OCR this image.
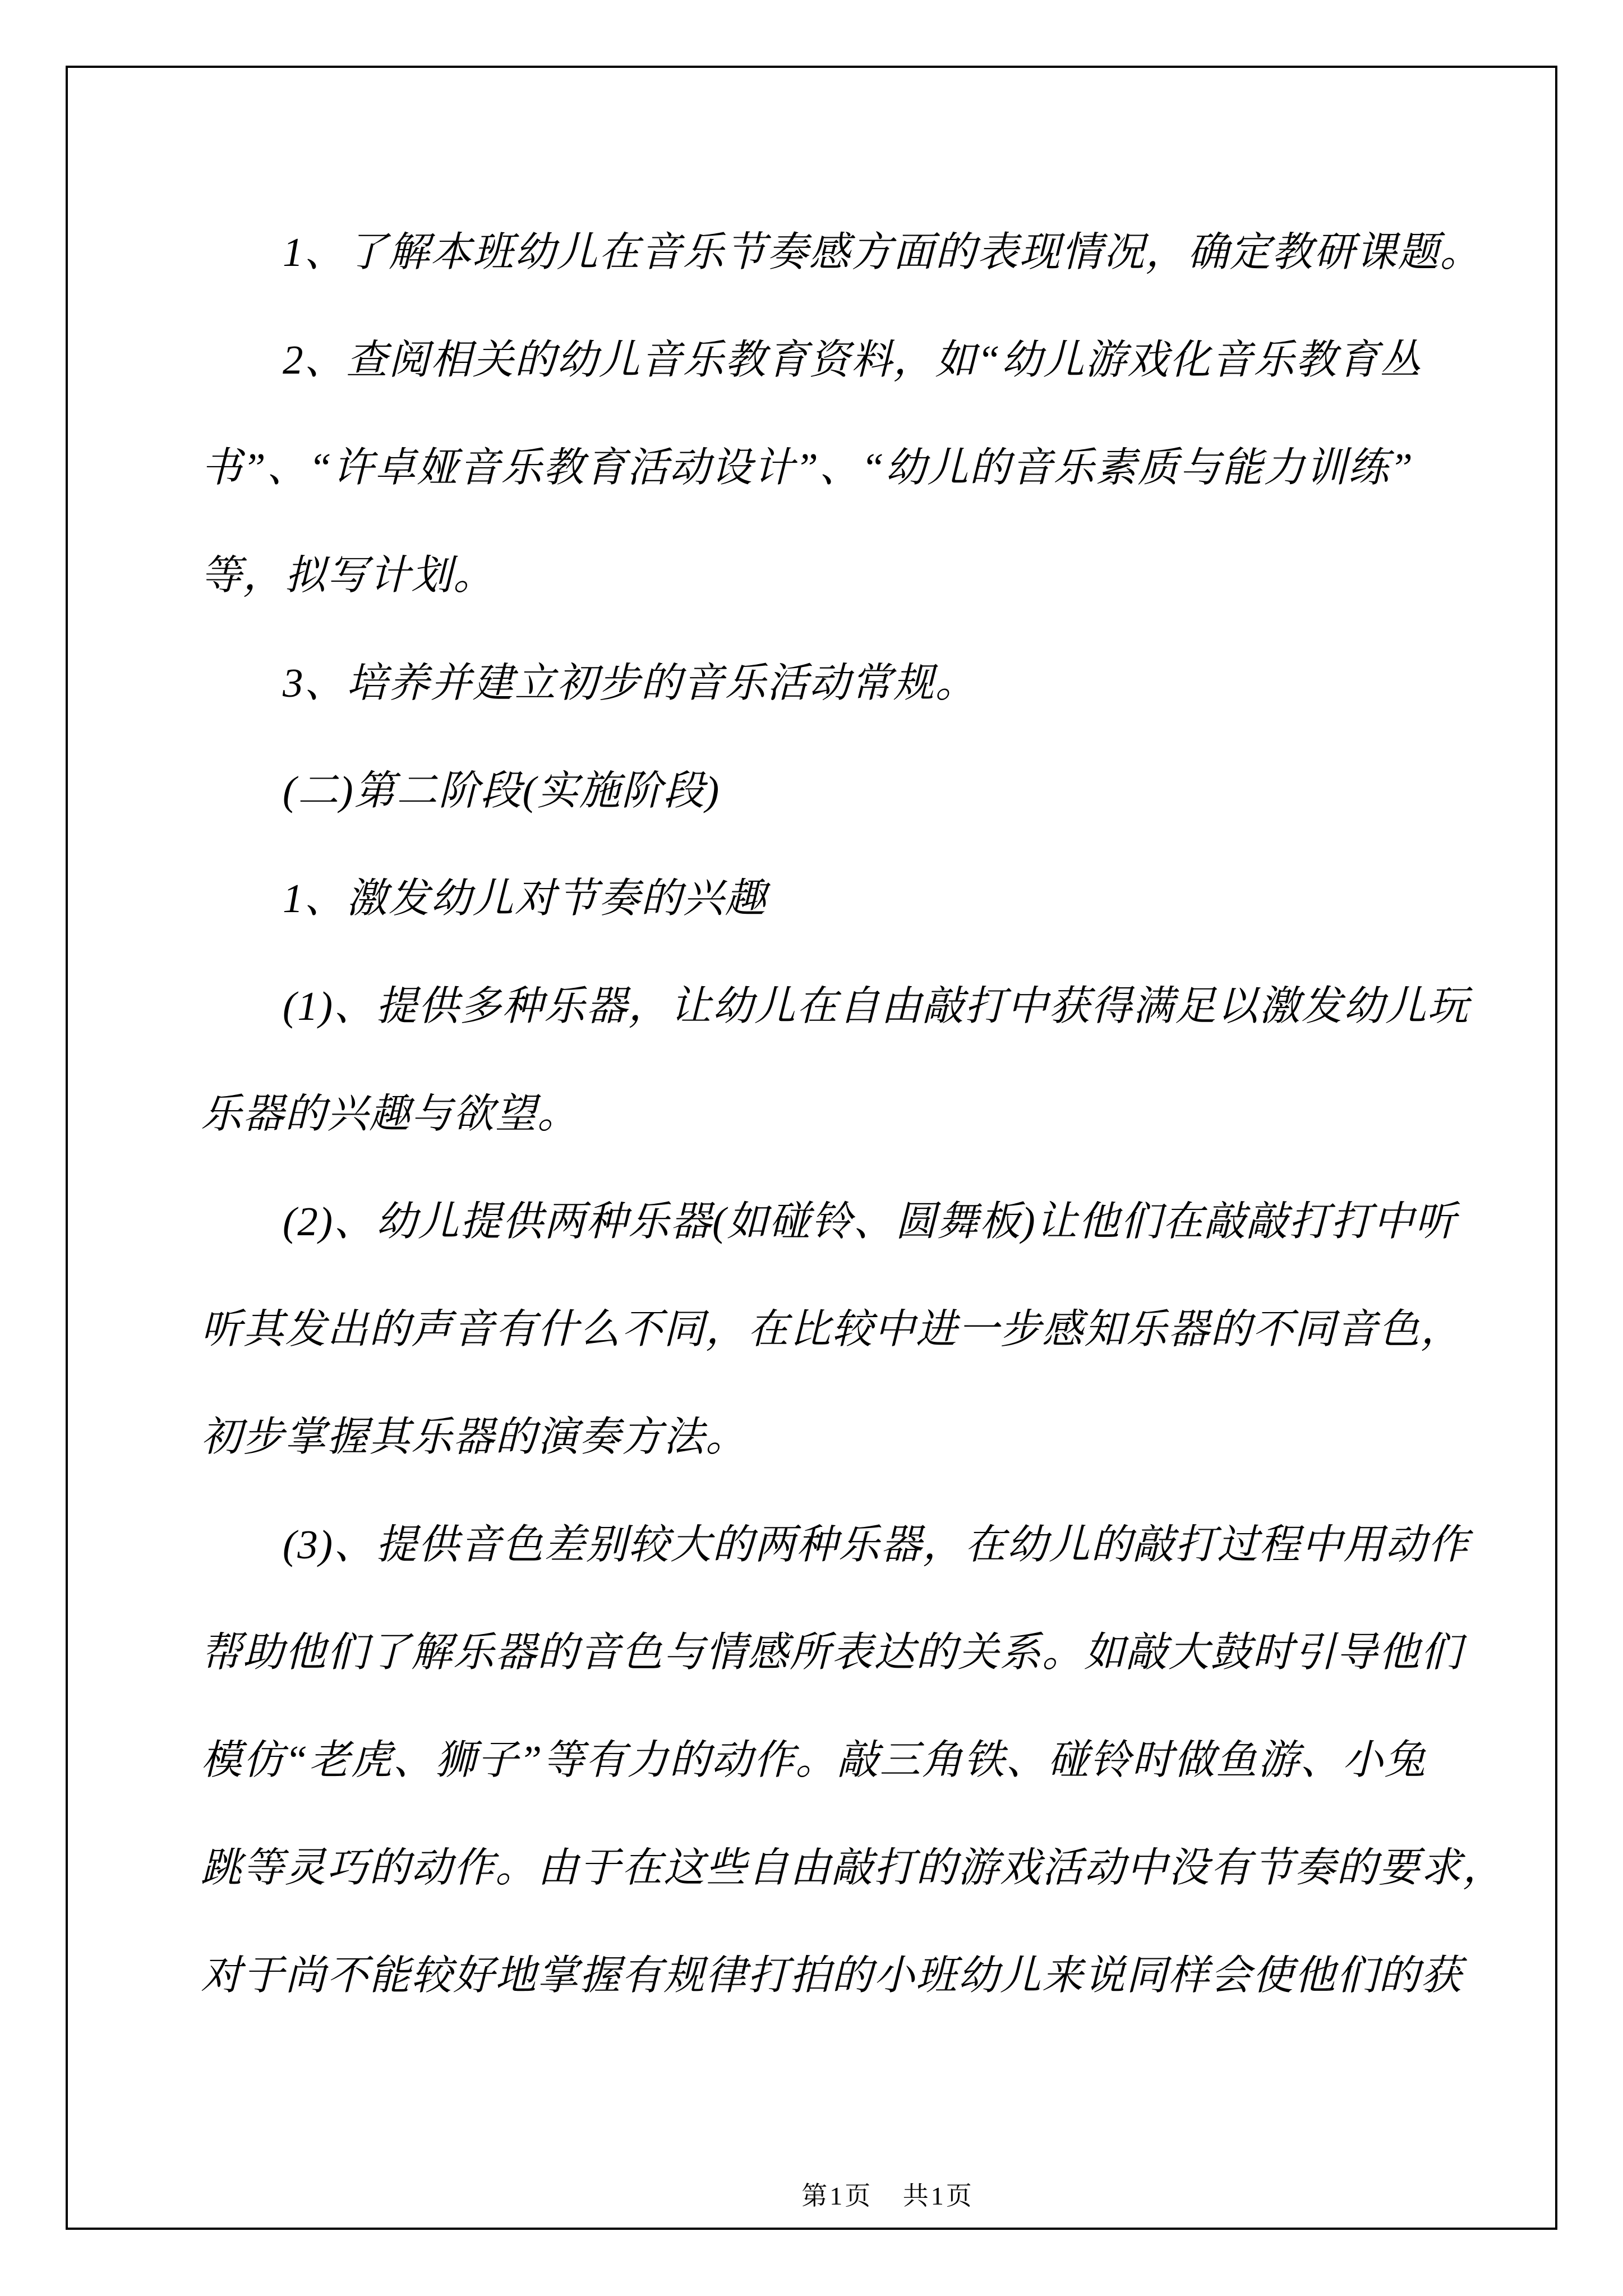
1、了解本班幼儿在音乐节奏感方面的表现情况，确定教研课题。
2、查阅相关的幼儿音乐教育资料，如“幼儿游戏化音乐教育丛
书”、“许卓娅音乐教育活动设计”、“幼儿的音乐素质与能力训练”
等，拟写计划。
3、培养并建立初步的音乐活动常规。
(二)第二阶段(实施阶段)
1、激发幼儿对节奏的兴趣
(1)、提供多种乐器，让幼儿在自由敲打中获得满足以激发幼儿玩
乐器的兴趣与欲望。
(2)、幼儿提供两种乐器(如碰铃、圆舞板)让他们在敲敲打打中听
听其发出的声音有什么不同，在比较中进一步感知乐器的不同音色，
初步掌握其乐器的演奏方法。
(3)、提供音色差别较大的两种乐器，在幼儿的敲打过程中用动作
帮助他们了解乐器的音色与情感所表达的关系。如敲大鼓时引导他们
模仿“老虎、狮子”等有力的动作。敲三角铁、碰铃时做鱼游、小兔
跳等灵巧的动作。由于在这些自由敲打的游戏活动中没有节奏的要求，
对于尚不能较好地掌握有规律打拍的小班幼儿来说同样会使他们的获

第1页 共1页
